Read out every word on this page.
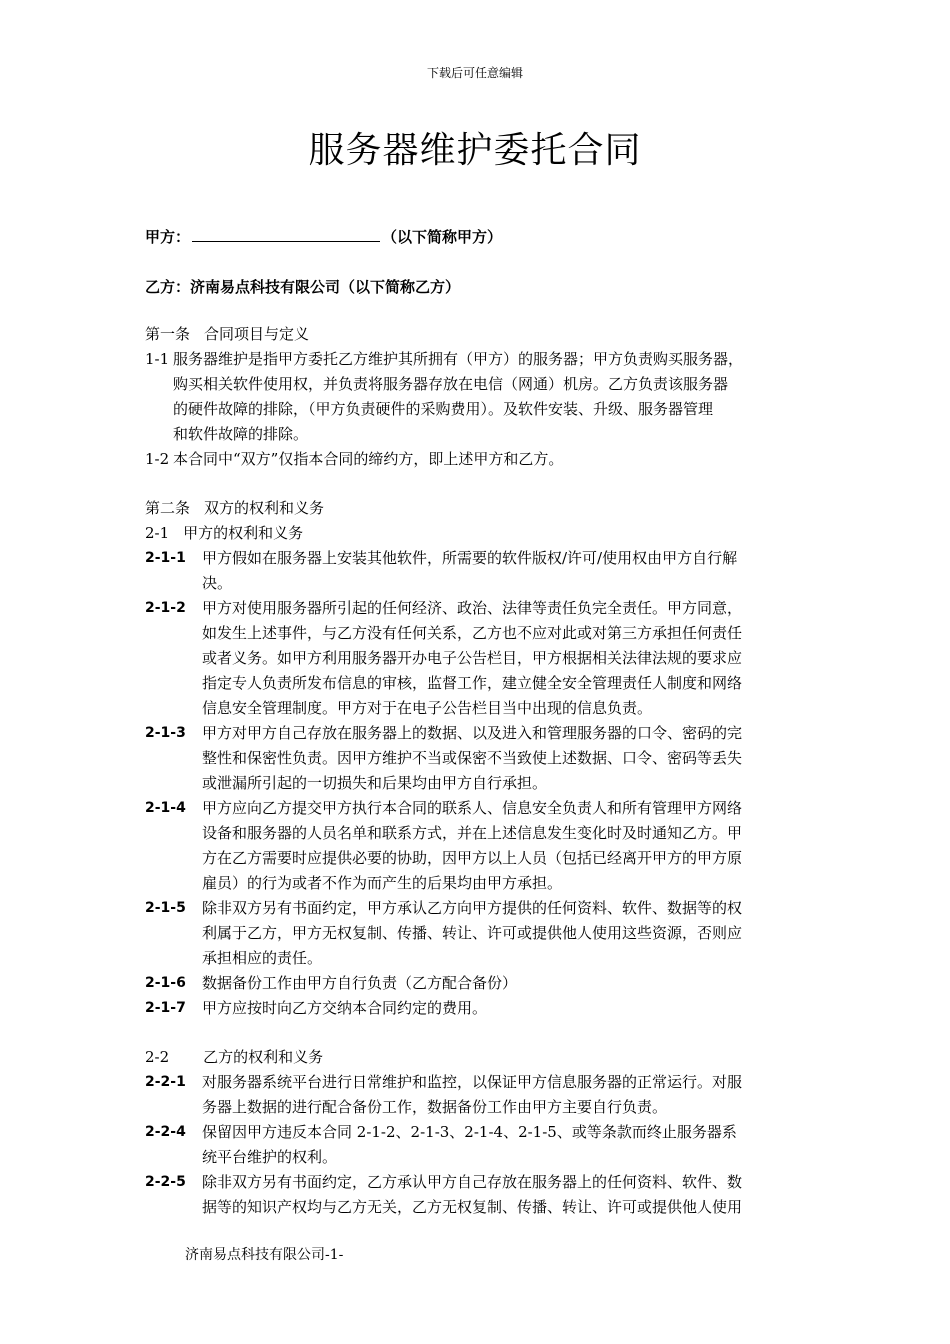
下载后可任意编辑
服务器维护委托合同
甲方：	（以下简称甲方）
乙方：济南易点科技有限公司（以下简称乙方）
第一条 合同项目与定义
1-1 服务器维护是指甲方委托乙方维护其所拥有（甲方）的服务器；甲方负责购买服务器，
购买相关软件使用权，并负责将服务器存放在电信（网通）机房。乙方负责该服务器
的硬件故障的排除，（甲方负责硬件的采购费用）。及软件安装、升级、服务器管理
和软件故障的排除。
1-2 本合同中“双方”仅指本合同的缔约方，即上述甲方和乙方。
第二条 双方的权利和义务
2-1 甲方的权利和义务
2-1-1 甲方假如在服务器上安装其他软件，所需要的软件版权/许可/使用权由甲方自行解
决。
2-1-2 甲方对使用服务器所引起的任何经济、政治、法律等责任负完全责任。甲方同意，
如发生上述事件，与乙方没有任何关系，乙方也不应对此或对第三方承担任何责任
或者义务。如甲方利用服务器开办电子公告栏目，甲方根据相关法律法规的要求应
指定专人负责所发布信息的审核，监督工作，建立健全安全管理责任人制度和网络
信息安全管理制度。甲方对于在电子公告栏目当中出现的信息负责。
2-1-3 甲方对甲方自己存放在服务器上的数据、以及进入和管理服务器的口令、密码的完
整性和保密性负责。因甲方维护不当或保密不当致使上述数据、口令、密码等丢失
或泄漏所引起的一切损失和后果均由甲方自行承担。
2-1-4 甲方应向乙方提交甲方执行本合同的联系人、信息安全负责人和所有管理甲方网络
设备和服务器的人员名单和联系方式，并在上述信息发生变化时及时通知乙方。甲
方在乙方需要时应提供必要的协助，因甲方以上人员（包括已经离开甲方的甲方原
雇员）的行为或者不作为而产生的后果均由甲方承担。
2-1-5 除非双方另有书面约定，甲方承认乙方向甲方提供的任何资料、软件、数据等的权
利属于乙方，甲方无权复制、传播、转让、许可或提供他人使用这些资源，否则应
承担相应的责任。
2-1-6 数据备份工作由甲方自行负责（乙方配合备份）
2-1-7 甲方应按时向乙方交纳本合同约定的费用。
2-2 乙方的权利和义务
2-2-1 对服务器系统平台进行日常维护和监控，以保证甲方信息服务器的正常运行。对服
务器上数据的进行配合备份工作，数据备份工作由甲方主要自行负责。
2-2-4 保留因甲方违反本合同 2-1-2、2-1-3、2-1-4、2-1-5、或等条款而终止服务器系
统平台维护的权利。
2-2-5 除非双方另有书面约定，乙方承认甲方自己存放在服务器上的任何资料、软件、数
据等的知识产权均与乙方无关，乙方无权复制、传播、转让、许可或提供他人使用
济南易点科技有限公司-1-
